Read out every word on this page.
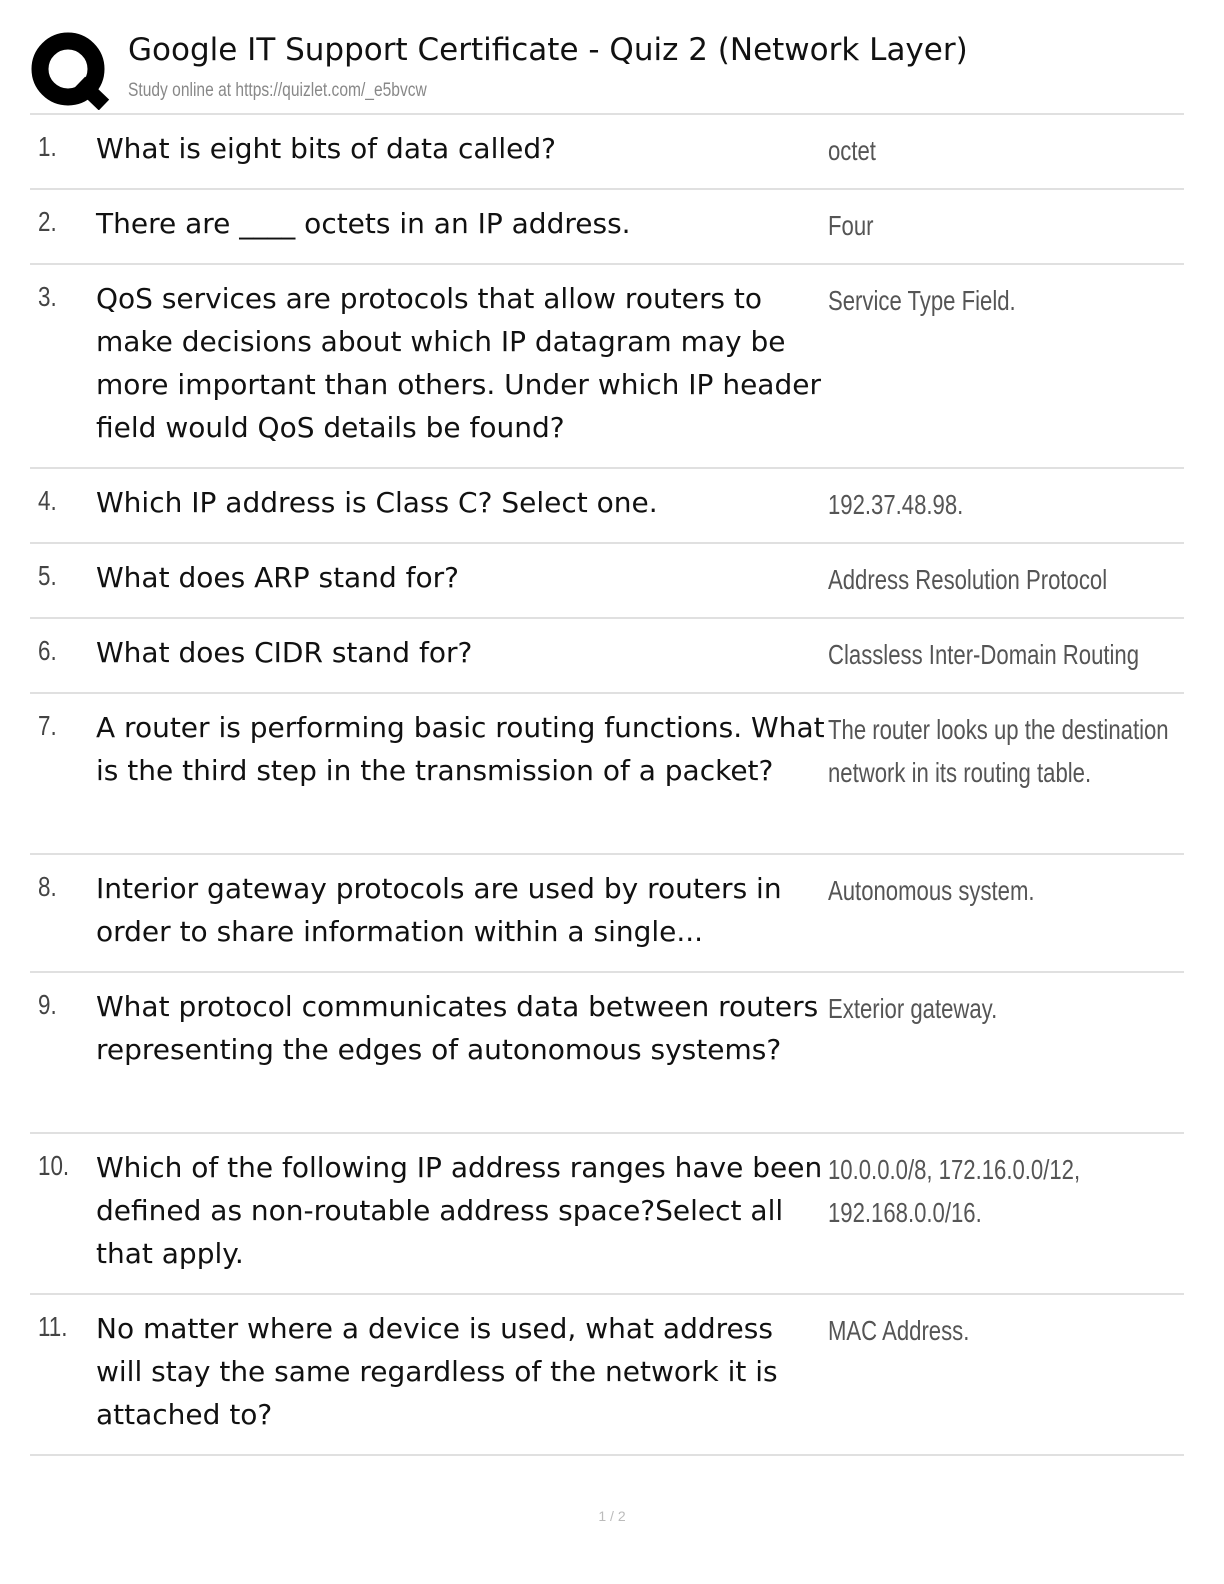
Google IT Support Certificate - Quiz 2 (Network Layer)
Study online at https://quizlet.com/_e5bvcw
1. What is eight bits of data called?	octet
2. There are ____ octets in an IP address.	Four
3. QoS services are protocols that allow routers to make decisions about which IP datagram may be more important than others. Under which IP header field would QoS details be found?
Service Type Field.
4. Which IP address is Class C? Select one.	192.37.48.98.
5. What does ARP stand for?	Address Resolution Protocol
6. What does CIDR stand for?	Classless Inter-Domain Routing
7. A router is performing basic routing functions. What is the third step in the transmission of a packet?
The router looks up the destination network in its routing table.
8. Interior gateway protocols are used by routers in order to share information within a single...
Autonomous system.
9. What protocol communicates data between routers representing the edges of autonomous systems?
Exterior gateway.
10. Which of the following IP address ranges have been defined as non-routable address space?Select all that apply.
10.0.0.0/8, 172.16.0.0/12, 192.168.0.0/16.
11. No matter where a device is used, what address will stay the same regardless of the network it is attached to?
MAC Address.
1 / 2
